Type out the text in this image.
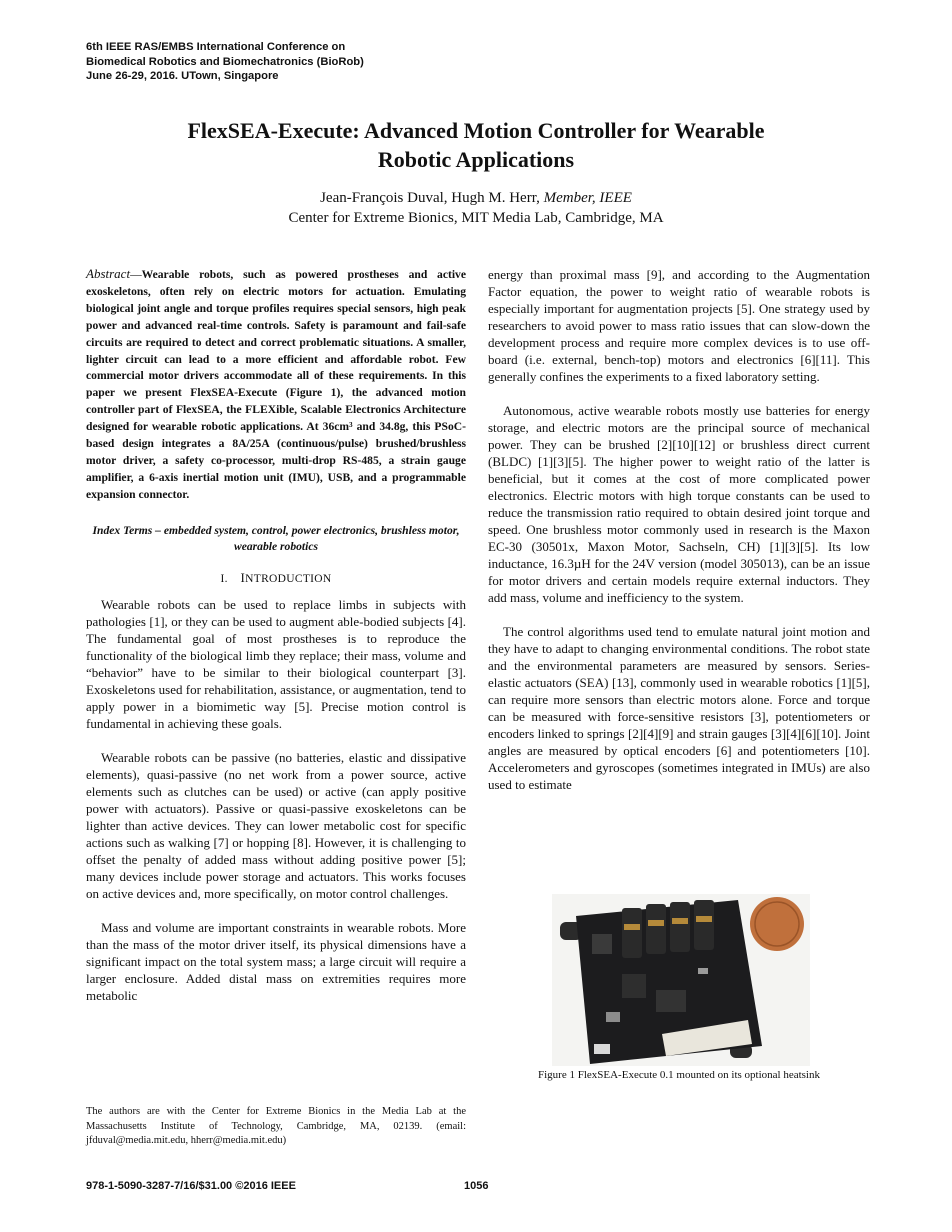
6th IEEE RAS/EMBS International Conference on
Biomedical Robotics and Biomechatronics (BioRob)
June 26-29, 2016. UTown, Singapore
FlexSEA-Execute: Advanced Motion Controller for Wearable
Robotic Applications
Jean-François Duval, Hugh M. Herr, Member, IEEE
Center for Extreme Bionics, MIT Media Lab, Cambridge, MA
Abstract—Wearable robots, such as powered prostheses and active exoskeletons, often rely on electric motors for actuation. Emulating biological joint angle and torque profiles requires special sensors, high peak power and advanced real-time controls. Safety is paramount and fail-safe circuits are required to detect and correct problematic situations. A smaller, lighter circuit can lead to a more efficient and affordable robot. Few commercial motor drivers accommodate all of these requirements. In this paper we present FlexSEA-Execute (Figure 1), the advanced motion controller part of FlexSEA, the FLEXible, Scalable Electronics Architecture designed for wearable robotic applications. At 36cm³ and 34.8g, this PSoC-based design integrates a 8A/25A (continuous/pulse) brushed/brushless motor driver, a safety co-processor, multi-drop RS-485, a strain gauge amplifier, a 6-axis inertial motion unit (IMU), USB, and a programmable expansion connector.
Index Terms – embedded system, control, power electronics, brushless motor, wearable robotics
I. INTRODUCTION

Wearable robots can be used to replace limbs in subjects with pathologies [1], or they can be used to augment able-bodied subjects [4]. The fundamental goal of most prostheses is to reproduce the functionality of the biological limb they replace; their mass, volume and “behavior” have to be similar to their biological counterpart [3]. Exoskeletons used for rehabilitation, assistance, or augmentation, tend to apply power in a biomimetic way [5]. Precise motion control is fundamental in achieving these goals.

Wearable robots can be passive (no batteries, elastic and dissipative elements), quasi-passive (no net work from a power source, active elements such as clutches can be used) or active (can apply positive power with actuators). Passive or quasi-passive exoskeletons can be lighter than active devices. They can lower metabolic cost for specific actions such as walking [7] or hopping [8]. However, it is challenging to offset the penalty of added mass without adding positive power [5]; many devices include power storage and actuators. This works focuses on active devices and, more specifically, on motor control challenges.

Mass and volume are important constraints in wearable robots. More than the mass of the motor driver itself, its physical dimensions have a significant impact on the total system mass; a large circuit will require a larger enclosure. Added distal mass on extremities requires more metabolic

energy than proximal mass [9], and according to the Augmentation Factor equation, the power to weight ratio of wearable robots is especially important for augmentation projects [5]. One strategy used by researchers to avoid power to mass ratio issues that can slow-down the development process and require more complex devices is to use off-board (i.e. external, bench-top) motors and electronics [6][11]. This generally confines the experiments to a fixed laboratory setting.

Autonomous, active wearable robots mostly use batteries for energy storage, and electric motors are the principal source of mechanical power. They can be brushed [2][10][12] or brushless direct current (BLDC) [1][3][5]. The higher power to weight ratio of the latter is beneficial, but it comes at the cost of more complicated power electronics. Electric motors with high torque constants can be used to reduce the transmission ratio required to obtain desired joint torque and speed. One brushless motor commonly used in research is the Maxon EC-30 (30501x, Maxon Motor, Sachseln, CH) [1][3][5]. Its low inductance, 16.3µH for the 24V version (model 305013), can be an issue for motor drivers and certain models require external inductors. They add mass, volume and inefficiency to the system.

The control algorithms used tend to emulate natural joint motion and they have to adapt to changing environmental conditions. The robot state and the environmental parameters are measured by sensors. Series-elastic actuators (SEA) [13], commonly used in wearable robotics [1][5], can require more sensors than electric motors alone. Force and torque can be measured with force-sensitive resistors [3], potentiometers or encoders linked to springs [2][4][9] and strain gauges [3][4][6][10]. Joint angles are measured by optical encoders [6] and potentiometers [10]. Accelerometers and gyroscopes (sometimes integrated in IMUs) are also used to estimate

Figure 1 FlexSEA-Execute 0.1 mounted on its optional heatsink
The authors are with the Center for Extreme Bionics in the Media Lab at the Massachusetts Institute of Technology, Cambridge, MA, 02139. (email: jfduval@media.mit.edu, hherr@media.mit.edu)
978-1-5090-3287-7/16/$31.00 ©2016 IEEE	1056
